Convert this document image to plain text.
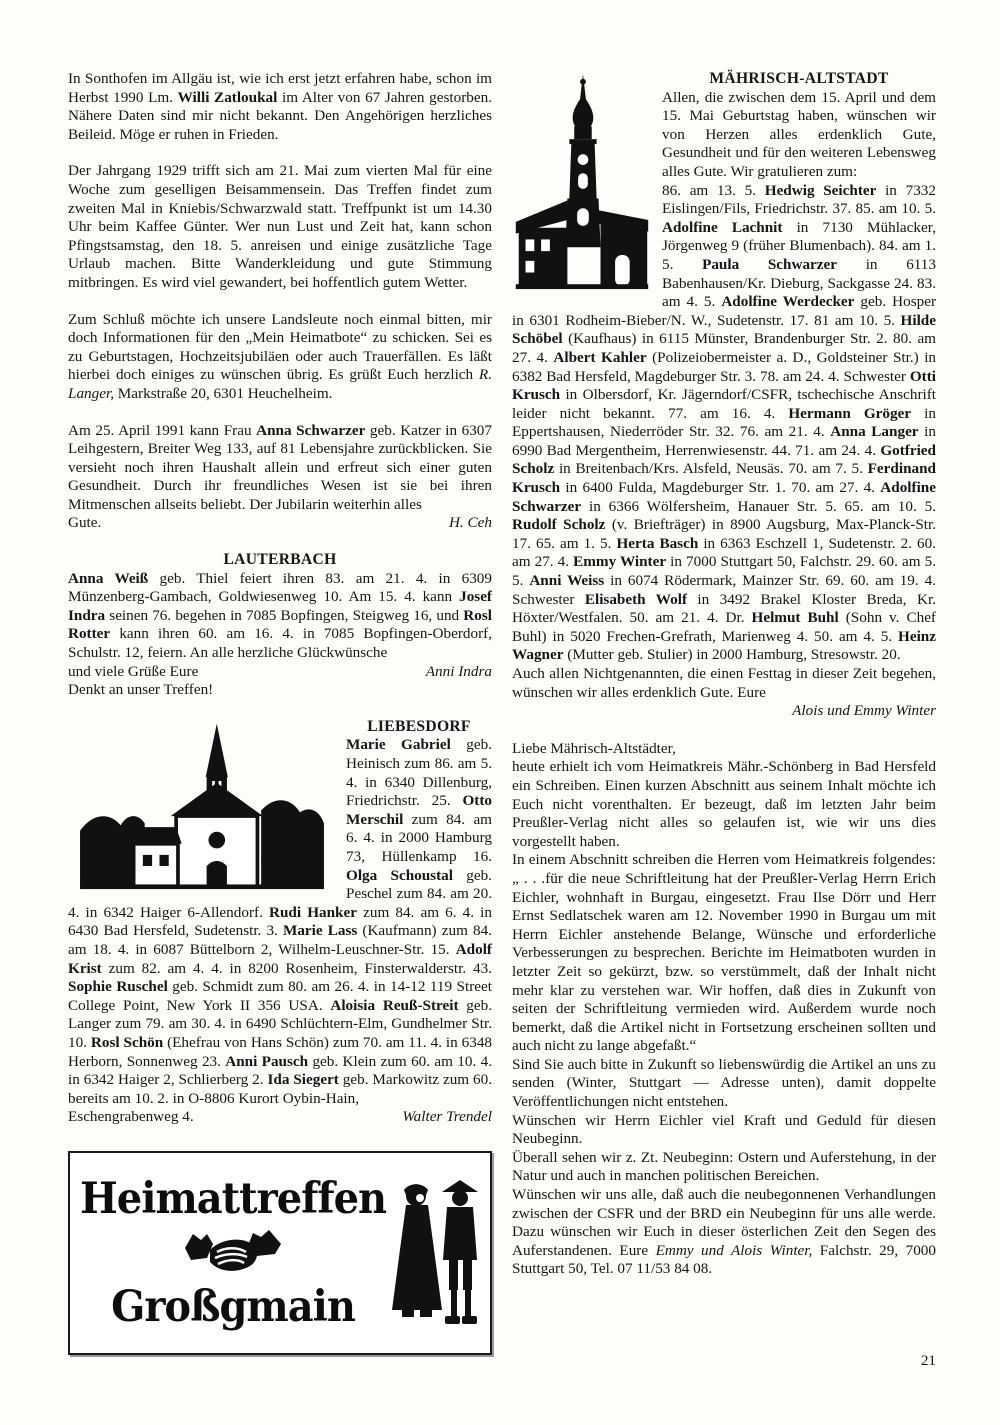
In Sonthofen im Allgäu ist, wie ich erst jetzt erfahren habe, schon im Herbst 1990 Lm. Willi Zatloukal im Alter von 67 Jahren gestorben. Nähere Daten sind mir nicht bekannt. Den Angehörigen herzliches Beileid. Möge er ruhen in Frieden.

Der Jahrgang 1929 trifft sich am 21. Mai zum vierten Mal für eine Woche zum geselligen Beisammensein. Das Treffen findet zum zweiten Mal in Kniebis/Schwarzwald statt. Treffpunkt ist um 14.30 Uhr beim Kaffee Günter. Wer nun Lust und Zeit hat, kann schon Pfingstsamstag, den 18. 5. anreisen und einige zusätzliche Tage Urlaub machen. Bitte Wanderkleidung und gute Stimmung mitbringen. Es wird viel gewandert, bei hoffentlich gutem Wetter.

Zum Schluß möchte ich unsere Landsleute noch einmal bitten, mir doch Informationen für den „Mein Heimatbote“ zu schicken. Sei es zu Geburtstagen, Hochzeitsjubiläen oder auch Trauerfällen. Es läßt hierbei doch einiges zu wünschen übrig. Es grüßt Euch herzlich R. Langer, Markstraße 20, 6301 Heuchelheim.

Am 25. April 1991 kann Frau Anna Schwarzer geb. Katzer in 6307 Leihgestern, Breiter Weg 133, auf 81 Lebensjahre zurückblicken. Sie versieht noch ihren Haushalt allein und erfreut sich einer guten Gesundheit. Durch ihr freundliches Wesen ist sie bei ihren Mitmenschen allseits beliebt. Der Jubilarin weiterhin alles

Gute.	H. Ceh
LAUTERBACH

Anna Weiß geb. Thiel feiert ihren 83. am 21. 4. in 6309 Münzenberg-Gambach, Goldwiesenweg 10. Am 15. 4. kann Josef Indra seinen 76. begehen in 7085 Bopfingen, Steigweg 16, und Rosl Rotter kann ihren 60. am 16. 4. in 7085 Bopfingen-Oberdorf, Schulstr. 12, feiern. An alle herzliche Glückwünsche

und viele Grüße Eure	Anni Indra

Denkt an unser Treffen!

LIEBESDORF

Marie Gabriel geb. Heinisch zum 86. am 5. 4. in 6340 Dillenburg, Friedrichstr. 25. Otto Merschil zum 84. am 6. 4. in 2000 Hamburg 73, Hüllenkamp 16. Olga Schoustal geb. Peschel zum 84. am 20. 4. in 6342 Haiger 6-Allendorf. Rudi Hanker zum 84. am 6. 4. in 6430 Bad Hersfeld, Sudetenstr. 3. Marie Lass (Kaufmann) zum 84. am 18. 4. in 6087 Büttelborn 2, Wilhelm-Leuschner-Str. 15. Adolf Krist zum 82. am 4. 4. in 8200 Rosenheim, Finsterwalderstr. 43. Sophie Ruschel geb. Schmidt zum 80. am 26. 4. in 14-12 119 Street College Point, New York II 356 USA. Aloisia Reuß-Streit geb. Langer zum 79. am 30. 4. in 6490 Schlüchtern-Elm, Gundhelmer Str. 10. Rosl Schön (Ehefrau von Hans Schön) zum 70. am 11. 4. in 6348 Herborn, Sonnenweg 23. Anni Pausch geb. Klein zum 60. am 10. 4. in 6342 Haiger 2, Schlierberg 2. Ida Siegert geb. Markowitz zum 60. bereits am 10. 2. in O-8806 Kurort Oybin-Hain,

Eschengrabenweg 4.	Walter Trendel
Heimattreffen
Großgmain
MÄHRISCH-ALTSTADT

Allen, die zwischen dem 15. April und dem 15. Mai Geburtstag haben, wünschen wir von Herzen alles erdenklich Gute, Gesundheit und für den weiteren Lebensweg alles Gute. Wir gratulieren zum:

86. am 13. 5. Hedwig Seichter in 7332 Eislingen/Fils, Friedrichstr. 37. 85. am 10. 5. Adolfine Lachnit in 7130 Mühlacker, Jörgenweg 9 (früher Blumenbach). 84. am 1. 5. Paula Schwarzer in 6113 Babenhausen/Kr. Dieburg, Sackgasse 24. 83. am 4. 5. Adolfine Werdecker geb. Hosper in 6301 Rodheim-Bieber/N. W., Sudetenstr. 17. 81 am 10. 5. Hilde Schöbel (Kaufhaus) in 6115 Münster, Brandenburger Str. 2. 80. am 27. 4. Albert Kahler (Polizeiobermeister a. D., Goldsteiner Str.) in 6382 Bad Hersfeld, Magdeburger Str. 3. 78. am 24. 4. Schwester Otti Krusch in Olbersdorf, Kr. Jägerndorf/CSFR, tschechische Anschrift leider nicht bekannt. 77. am 16. 4. Hermann Gröger in Eppertshausen, Niederröder Str. 32. 76. am 21. 4. Anna Langer in 6990 Bad Mergentheim, Herrenwiesenstr. 44. 71. am 24. 4. Gotfried Scholz in Breitenbach/Krs. Alsfeld, Neusäs. 70. am 7. 5. Ferdinand Krusch in 6400 Fulda, Magdeburger Str. 1. 70. am 27. 4. Adolfine Schwarzer in 6366 Wölfersheim, Hanauer Str. 5. 65. am 10. 5. Rudolf Scholz (v. Briefträger) in 8900 Augsburg, Max-Planck-Str. 17. 65. am 1. 5. Herta Basch in 6363 Eschzell 1, Sudetenstr. 2. 60. am 27. 4. Emmy Winter in 7000 Stuttgart 50, Falchstr. 29. 60. am 5. 5. Anni Weiss in 6074 Rödermark, Mainzer Str. 69. 60. am 19. 4. Schwester Elisabeth Wolf in 3492 Brakel Kloster Breda, Kr. Höxter/Westfalen. 50. am 21. 4. Dr. Helmut Buhl (Sohn v. Chef Buhl) in 5020 Frechen-Grefrath, Marienweg 4. 50. am 4. 5. Heinz Wagner (Mutter geb. Stulier) in 2000 Hamburg, Stresowstr. 20.

Auch allen Nichtgenannten, die einen Festtag in dieser Zeit begehen, wünschen wir alles erdenklich Gute. Eure

Alois und Emmy Winter

Liebe Mährisch-Altstädter,

heute erhielt ich vom Heimatkreis Mähr.-Schönberg in Bad Hersfeld ein Schreiben. Einen kurzen Abschnitt aus seinem Inhalt möchte ich Euch nicht vorenthalten. Er bezeugt, daß im letzten Jahr beim Preußler-Verlag nicht alles so gelaufen ist, wie wir uns dies vorgestellt haben.

In einem Abschnitt schreiben die Herren vom Heimatkreis folgendes: „ . . .für die neue Schriftleitung hat der Preußler-Verlag Herrn Erich Eichler, wohnhaft in Burgau, eingesetzt. Frau Ilse Dörr und Herr Ernst Sedlatschek waren am 12. November 1990 in Burgau um mit Herrn Eichler anstehende Belange, Wünsche und erforderliche Verbesserungen zu besprechen. Berichte im Heimatboten wurden in letzter Zeit so gekürzt, bzw. so verstümmelt, daß der Inhalt nicht mehr klar zu verstehen war. Wir hoffen, daß dies in Zukunft von seiten der Schriftleitung vermieden wird. Außerdem wurde noch bemerkt, daß die Artikel nicht in Fortsetzung erscheinen sollten und auch nicht zu lange abgefaßt.“

Sind Sie auch bitte in Zukunft so liebenswürdig die Artikel an uns zu senden (Winter, Stuttgart — Adresse unten), damit doppelte Veröffentlichungen nicht entstehen.

Wünschen wir Herrn Eichler viel Kraft und Geduld für diesen Neubeginn.

Überall sehen wir z. Zt. Neubeginn: Ostern und Auferstehung, in der Natur und auch in manchen politischen Bereichen.

Wünschen wir uns alle, daß auch die neubegonnenen Verhandlungen zwischen der CSFR und der BRD ein Neubeginn für uns alle werde. Dazu wünschen wir Euch in dieser österlichen Zeit den Segen des Auferstandenen. Eure Emmy und Alois Winter, Falchstr. 29, 7000 Stuttgart 50, Tel. 07 11/53 84 08.

21
